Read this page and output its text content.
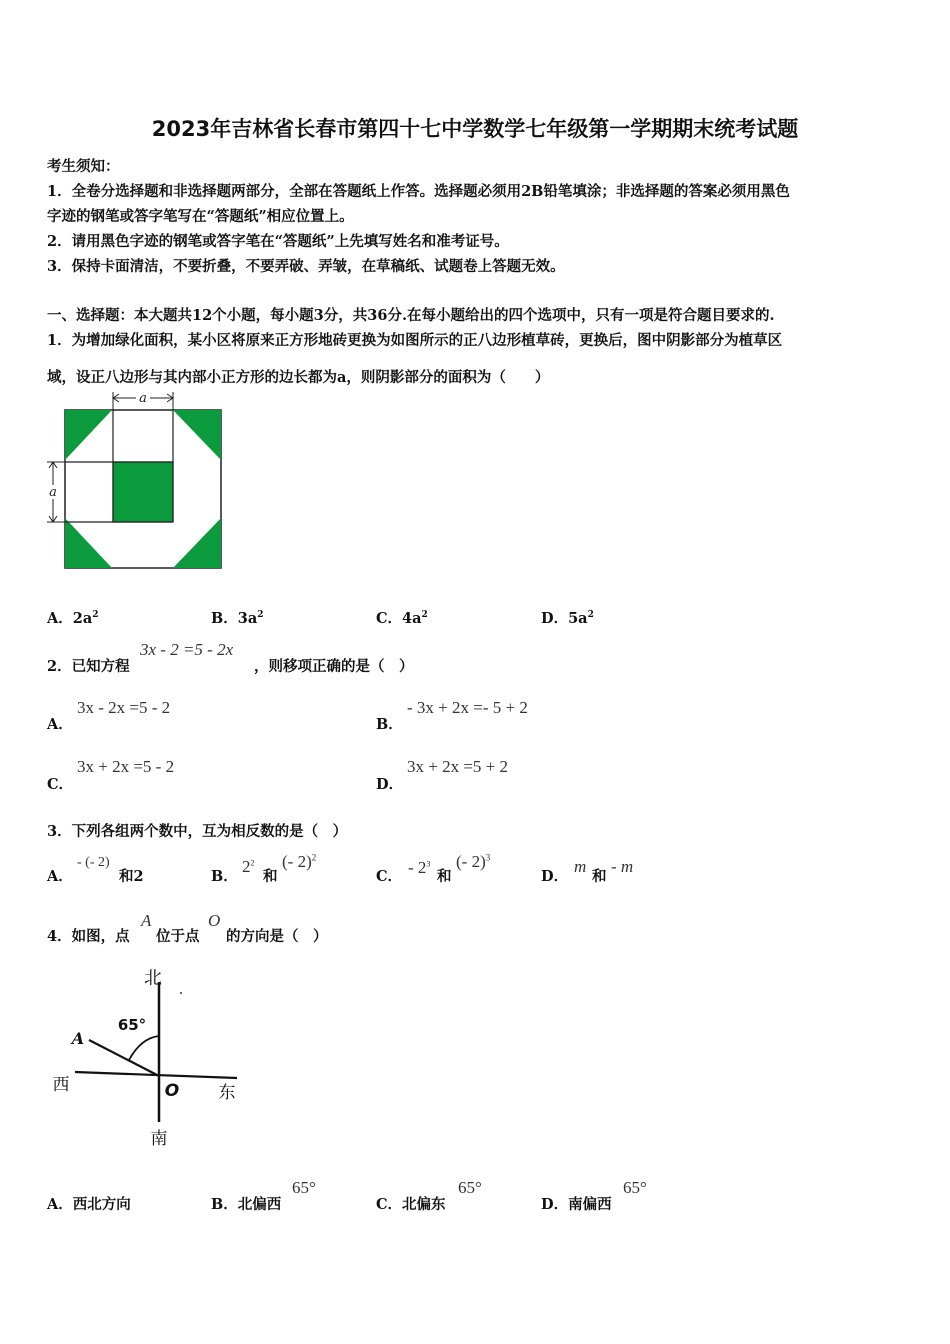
2023年吉林省长春市第四十七中学数学七年级第一学期期末统考试题
考生须知：
1．全卷分选择题和非选择题两部分，全部在答题纸上作答。选择题必须用2B铅笔填涂；非选择题的答案必须用黑色
字迹的钢笔或答字笔写在“答题纸”相应位置上。
2．请用黑色字迹的钢笔或答字笔在“答题纸”上先填写姓名和准考证号。
3．保持卡面清洁，不要折叠，不要弄破、弄皱，在草稿纸、试题卷上答题无效。
一、选择题：本大题共12个小题，每小题3分，共36分.在每小题给出的四个选项中，只有一项是符合题目要求的.
1．为增加绿化面积，某小区将原来正方形地砖更换为如图所示的正八边形植草砖，更换后，图中阴影部分为植草区
域，设正八边形与其内部小正方形的边长都为a，则阴影部分的面积为（　　）
a
a
A．$2a^2$	B．$3a^2$	C．$4a^2$	D．$5a^2$
2．已知方程
3x - 2 =5 - 2x
，则移项正确的是（　）
A．
3x - 2x =5 - 2
B．
- 3x + 2x =- 5 + 2
C．
3x + 2x =5 - 2
D．
3x + 2x =5 + 2
3．下列各组两个数中，互为相反数的是（　）
A．
- (- 2)
和2	B．
$2^2$
和
(- 2)$^2$
C． - $2^3$
和
(- 2)$^3$
D．
m
和
- m
4．如图，点
A
位于点
O
的方向是（　）
北
南
西	东
65°
A
O
A．西北方向	B．北偏西
65°
C．北偏东
65°
D．南偏西
65°
